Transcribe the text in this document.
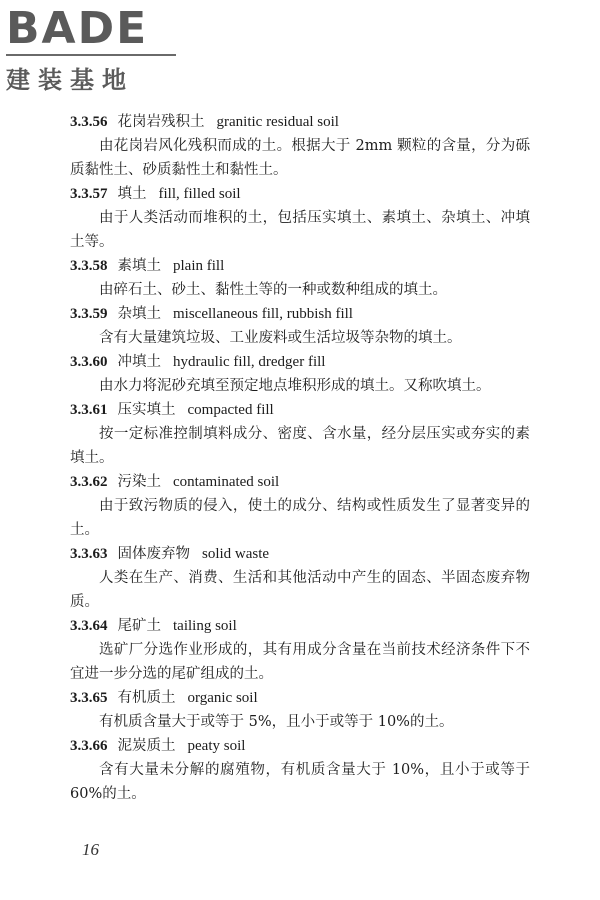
BADE
建装基地
3.3.56 花岗岩残积土 granitic residual soil

由花岗岩风化残积而成的土。根据大于 2mm 颗粒的含量，分为砾质黏性土、砂质黏性土和黏性土。

3.3.57 填土 fill, filled soil

由于人类活动而堆积的土，包括压实填土、素填土、杂填土、冲填土等。

3.3.58 素填土 plain fill

由碎石土、砂土、黏性土等的一种或数种组成的填土。

3.3.59 杂填土 miscellaneous fill, rubbish fill

含有大量建筑垃圾、工业废料或生活垃圾等杂物的填土。

3.3.60 冲填土 hydraulic fill, dredger fill

由水力将泥砂充填至预定地点堆积形成的填土。又称吹填土。

3.3.61 压实填土 compacted fill

按一定标准控制填料成分、密度、含水量，经分层压实或夯实的素填土。

3.3.62 污染土 contaminated soil

由于致污物质的侵入，使土的成分、结构或性质发生了显著变异的土。

3.3.63 固体废弃物 solid waste

人类在生产、消费、生活和其他活动中产生的固态、半固态废弃物质。

3.3.64 尾矿土 tailing soil

选矿厂分选作业形成的，其有用成分含量在当前技术经济条件下不宜进一步分选的尾矿组成的土。

3.3.65 有机质土 organic soil

有机质含量大于或等于 5%，且小于或等于 10%的土。

3.3.66 泥炭质土 peaty soil

含有大量未分解的腐殖物，有机质含量大于 10%，且小于或等于 60%的土。

16
